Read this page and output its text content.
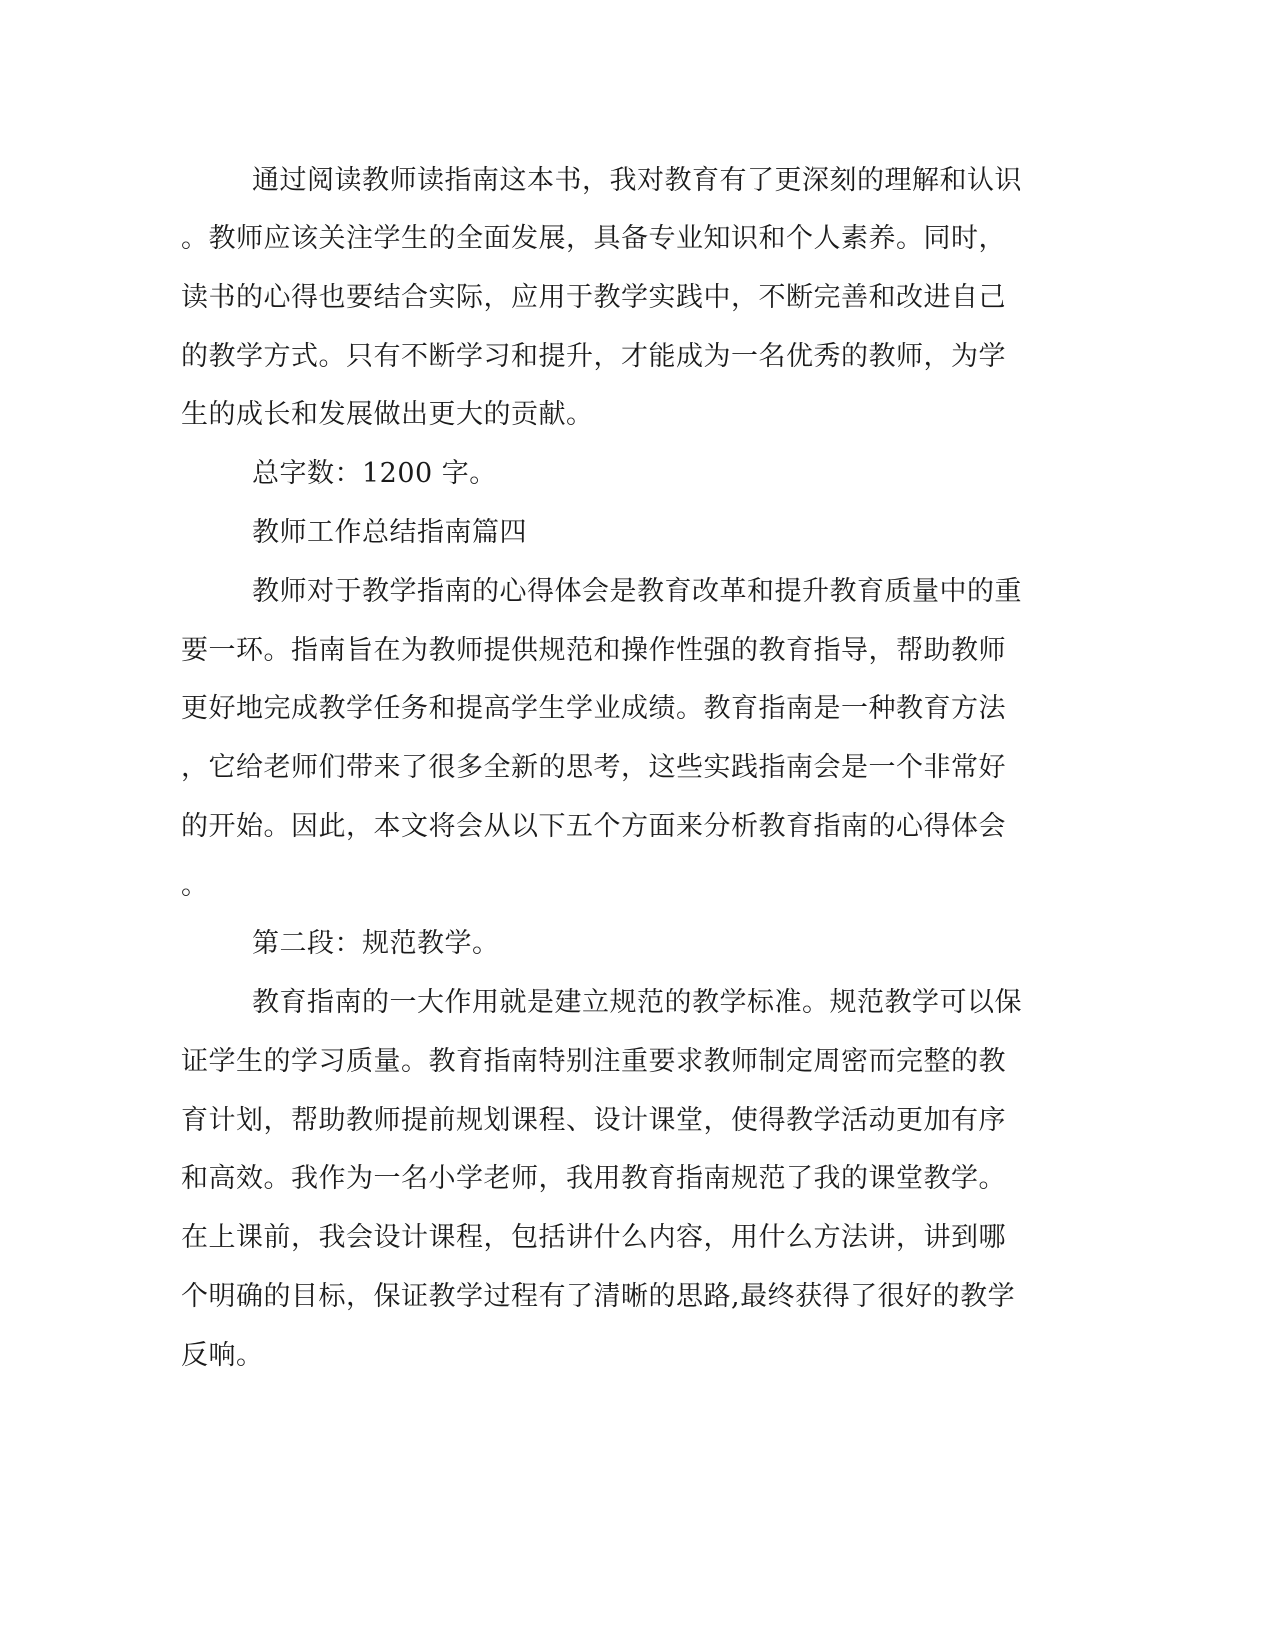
通过阅读教师读指南这本书，我对教育有了更深刻的理解和认识
。教师应该关注学生的全面发展，具备专业知识和个人素养。同时，
读书的心得也要结合实际，应用于教学实践中，不断完善和改进自己
的教学方式。只有不断学习和提升，才能成为一名优秀的教师，为学
生的成长和发展做出更大的贡献。
总字数：1200 字。
教师工作总结指南篇四
教师对于教学指南的心得体会是教育改革和提升教育质量中的重
要一环。指南旨在为教师提供规范和操作性强的教育指导，帮助教师
更好地完成教学任务和提高学生学业成绩。教育指南是一种教育方法
，它给老师们带来了很多全新的思考，这些实践指南会是一个非常好
的开始。因此，本文将会从以下五个方面来分析教育指南的心得体会
。
第二段：规范教学。
教育指南的一大作用就是建立规范的教学标准。规范教学可以保
证学生的学习质量。教育指南特别注重要求教师制定周密而完整的教
育计划，帮助教师提前规划课程、设计课堂，使得教学活动更加有序
和高效。我作为一名小学老师，我用教育指南规范了我的课堂教学。
在上课前，我会设计课程，包括讲什么内容，用什么方法讲，讲到哪
个明确的目标，保证教学过程有了清晰的思路,最终获得了很好的教学
反响。
